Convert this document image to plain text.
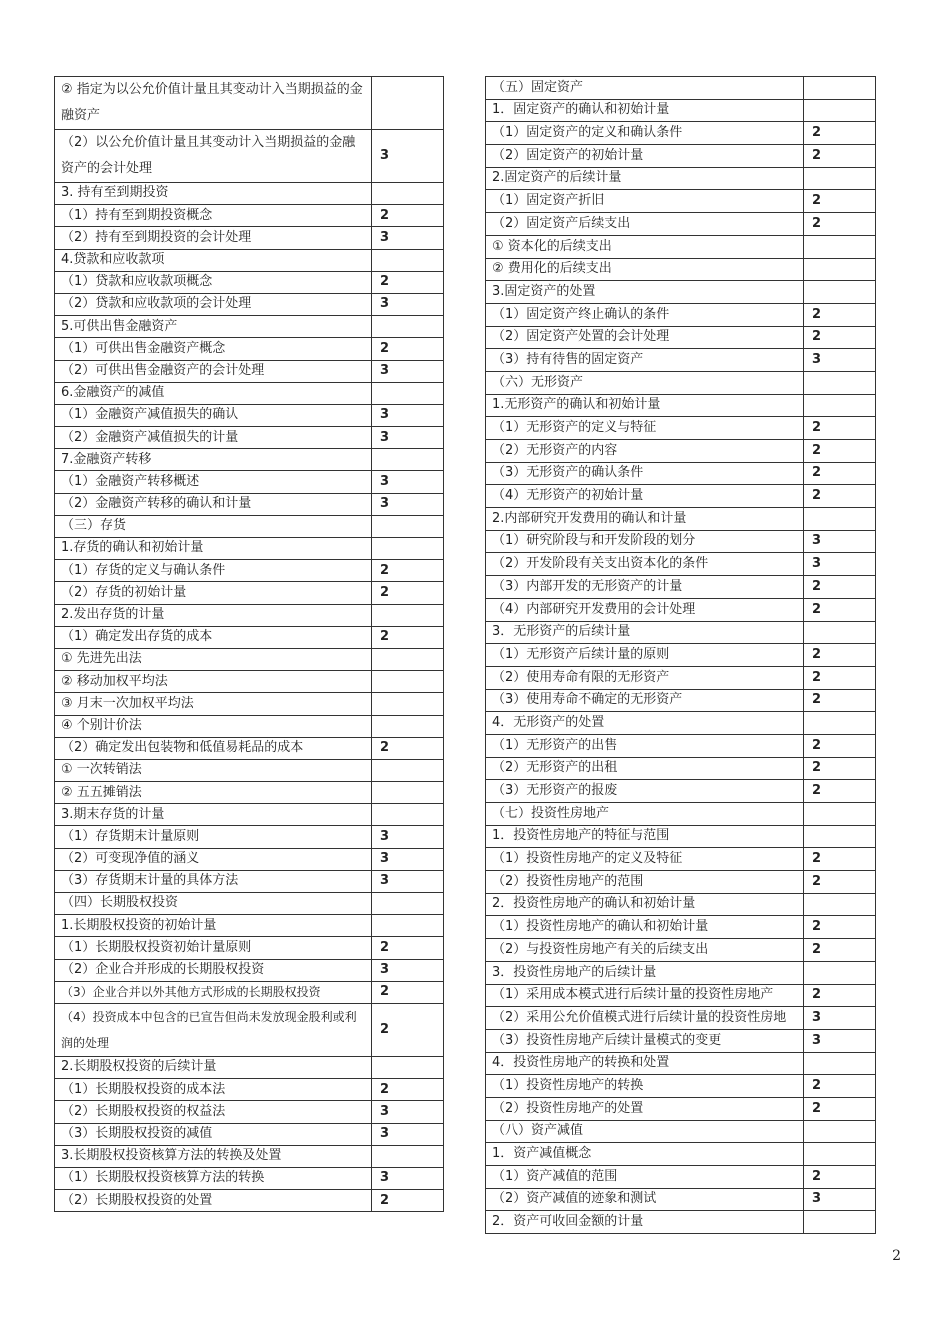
② 指定为以公允价值计量且其变动计入当期损益的金融资产	
（2）以公允价值计量且其变动计入当期损益的金融资产的会计处理	3
3. 持有至到期投资	
（1）持有至到期投资概念	2
（2）持有至到期投资的会计处理	3
4.贷款和应收款项	
（1）贷款和应收款项概念	2
（2）贷款和应收款项的会计处理	3
5.可供出售金融资产	
（1）可供出售金融资产概念	2
（2）可供出售金融资产的会计处理	3
6.金融资产的减值	
（1）金融资产减值损失的确认	3
（2）金融资产减值损失的计量	3
7.金融资产转移	
（1）金融资产转移概述	3
（2）金融资产转移的确认和计量	3
（三）存货	
1.存货的确认和初始计量	
（1）存货的定义与确认条件	2
（2）存货的初始计量	2
2.发出存货的计量	
（1）确定发出存货的成本	2
① 先进先出法	
② 移动加权平均法	
③ 月末一次加权平均法	
④ 个别计价法	
（2）确定发出包装物和低值易耗品的成本	2
① 一次转销法	
② 五五摊销法	
3.期末存货的计量	
（1）存货期末计量原则	3
（2）可变现净值的涵义	3
（3）存货期末计量的具体方法	3
（四）长期股权投资	
1.长期股权投资的初始计量	
（1）长期股权投资初始计量原则	2
（2）企业合并形成的长期股权投资	3
（3）企业合并以外其他方式形成的长期股权投资	2
（4）投资成本中包含的已宣告但尚未发放现金股利或利润的处理	2
2.长期股权投资的后续计量	
（1）长期股权投资的成本法	2
（2）长期股权投资的权益法	3
（3）长期股权投资的减值	3
3.长期股权投资核算方法的转换及处置	
（1）长期股权投资核算方法的转换	3
（2）长期股权投资的处置	2
（五）固定资产	
1．固定资产的确认和初始计量	
（1）固定资产的定义和确认条件	2
（2）固定资产的初始计量	2
2.固定资产的后续计量	
（1）固定资产折旧	2
（2）固定资产后续支出	2
① 资本化的后续支出	
② 费用化的后续支出	
3.固定资产的处置	
（1）固定资产终止确认的条件	2
（2）固定资产处置的会计处理	2
（3）持有待售的固定资产	3
（六）无形资产	
1.无形资产的确认和初始计量	
（1）无形资产的定义与特征	2
（2）无形资产的内容	2
（3）无形资产的确认条件	2
（4）无形资产的初始计量	2
2.内部研究开发费用的确认和计量	
（1）研究阶段与和开发阶段的划分	3
（2）开发阶段有关支出资本化的条件	3
（3）内部开发的无形资产的计量	2
（4）内部研究开发费用的会计处理	2
3．无形资产的后续计量	
（1）无形资产后续计量的原则	2
（2）使用寿命有限的无形资产	2
（3）使用寿命不确定的无形资产	2
4．无形资产的处置	
（1）无形资产的出售	2
（2）无形资产的出租	2
（3）无形资产的报废	2
（七）投资性房地产	
1．投资性房地产的特征与范围	
（1）投资性房地产的定义及特征	2
（2）投资性房地产的范围	2
2．投资性房地产的确认和初始计量	
（1）投资性房地产的确认和初始计量	2
（2）与投资性房地产有关的后续支出	2
3．投资性房地产的后续计量	
（1）采用成本模式进行后续计量的投资性房地产	2
（2）采用公允价值模式进行后续计量的投资性房地	3
（3）投资性房地产后续计量模式的变更	3
4．投资性房地产的转换和处置	
（1）投资性房地产的转换	2
（2）投资性房地产的处置	2
（八）资产减值	
1．资产减值概念	
（1）资产减值的范围	2
（2）资产减值的迹象和测试	3
2．资产可收回金额的计量	
2
